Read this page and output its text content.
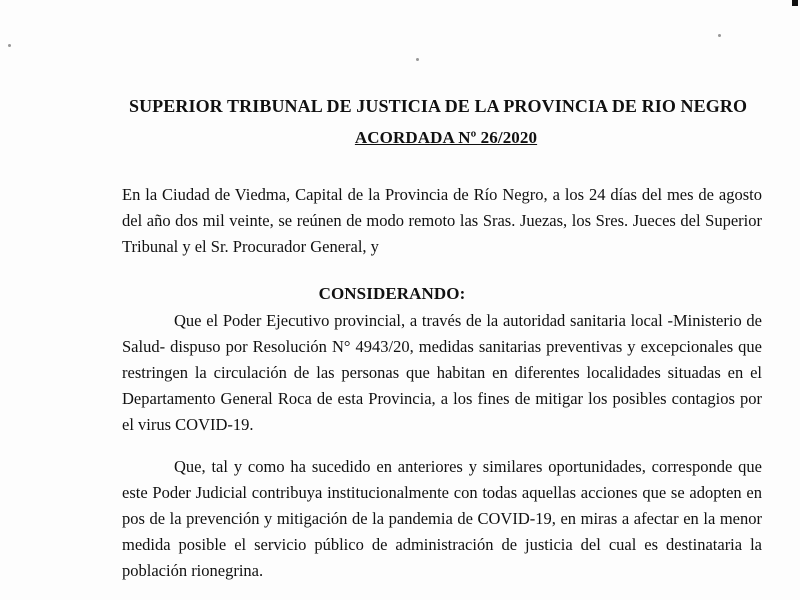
SUPERIOR TRIBUNAL DE JUSTICIA DE LA PROVINCIA DE RIO NEGRO
ACORDADA Nº 26/2020

En la Ciudad de Viedma, Capital de la Provincia de Río Negro, a los 24 días del mes de agosto del año dos mil veinte, se reúnen de modo remoto las Sras. Juezas, los Sres. Jueces del Superior Tribunal y el Sr. Procurador General, y

CONSIDERANDO:

Que el Poder Ejecutivo provincial, a través de la autoridad sanitaria local -Ministerio de Salud- dispuso por Resolución N° 4943/20, medidas sanitarias preventivas y excepcionales que restringen la circulación de las personas que habitan en diferentes localidades situadas en el Departamento General Roca de esta Provincia, a los fines de mitigar los posibles contagios por el virus COVID-19.

Que, tal y como ha sucedido en anteriores y similares oportunidades, corresponde que este Poder Judicial contribuya institucionalmente con todas aquellas acciones que se adopten en pos de la prevención y mitigación de la pandemia de COVID-19, en miras a afectar en la menor medida posible el servicio público de administración de justicia del cual es destinataria la población rionegrina.
